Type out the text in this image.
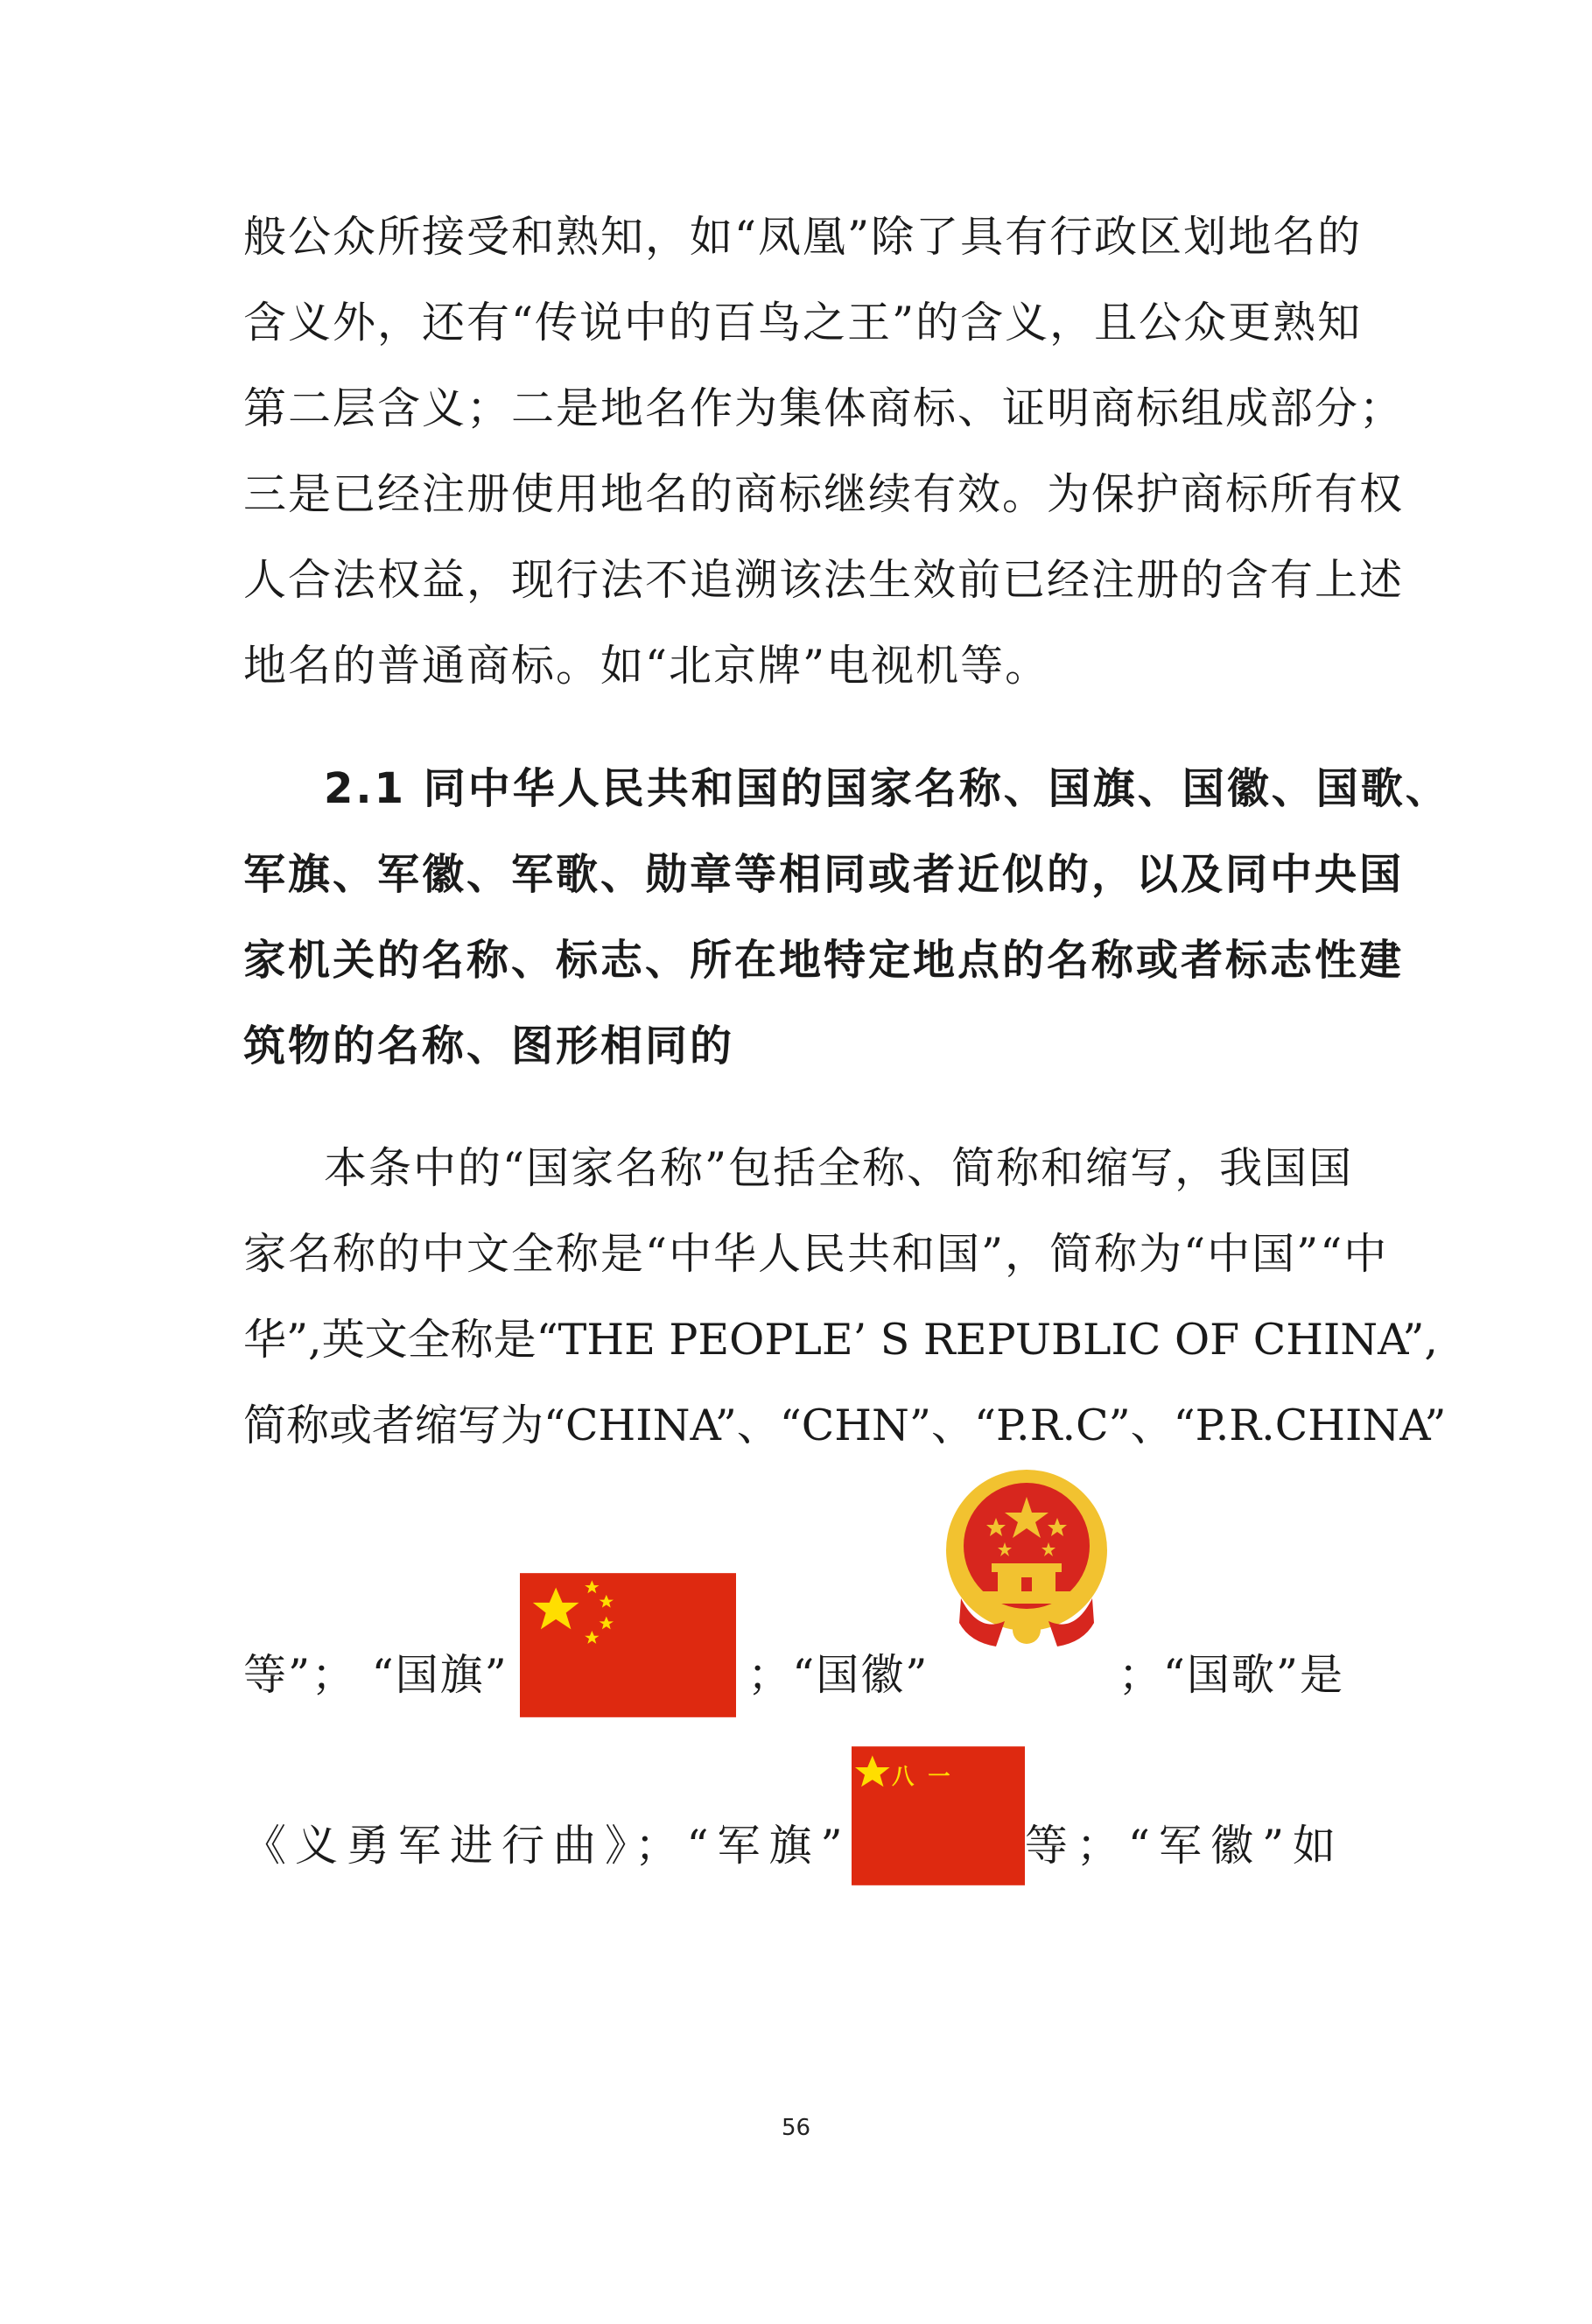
般公众所接受和熟知，如“凤凰”除了具有行政区划地名的
含义外，还有“传说中的百鸟之王”的含义，且公众更熟知
第二层含义；二是地名作为集体商标、证明商标组成部分；
三是已经注册使用地名的商标继续有效。为保护商标所有权
人合法权益，现行法不追溯该法生效前已经注册的含有上述
地名的普通商标。如“北京牌”电视机等。
2.1 同中华人民共和国的国家名称、国旗、国徽、国歌、
军旗、军徽、军歌、勋章等相同或者近似的，以及同中央国
家机关的名称、标志、所在地特定地点的名称或者标志性建
筑物的名称、图形相同的
本条中的“国家名称”包括全称、简称和缩写，我国国
家名称的中文全称是“中华人民共和国”，简称为“中国”“中
华”,英文全称是“THE PEOPLE’ S REPUBLIC OF CHINA”,
简称或者缩写为“CHINA”、“CHN”、“P.R.C”、“P.R.CHINA”
等”； “国旗”	；“国徽”	；“国歌”是
《义勇军进行曲》；“军旗”
八一
等；“军徽”如
56
